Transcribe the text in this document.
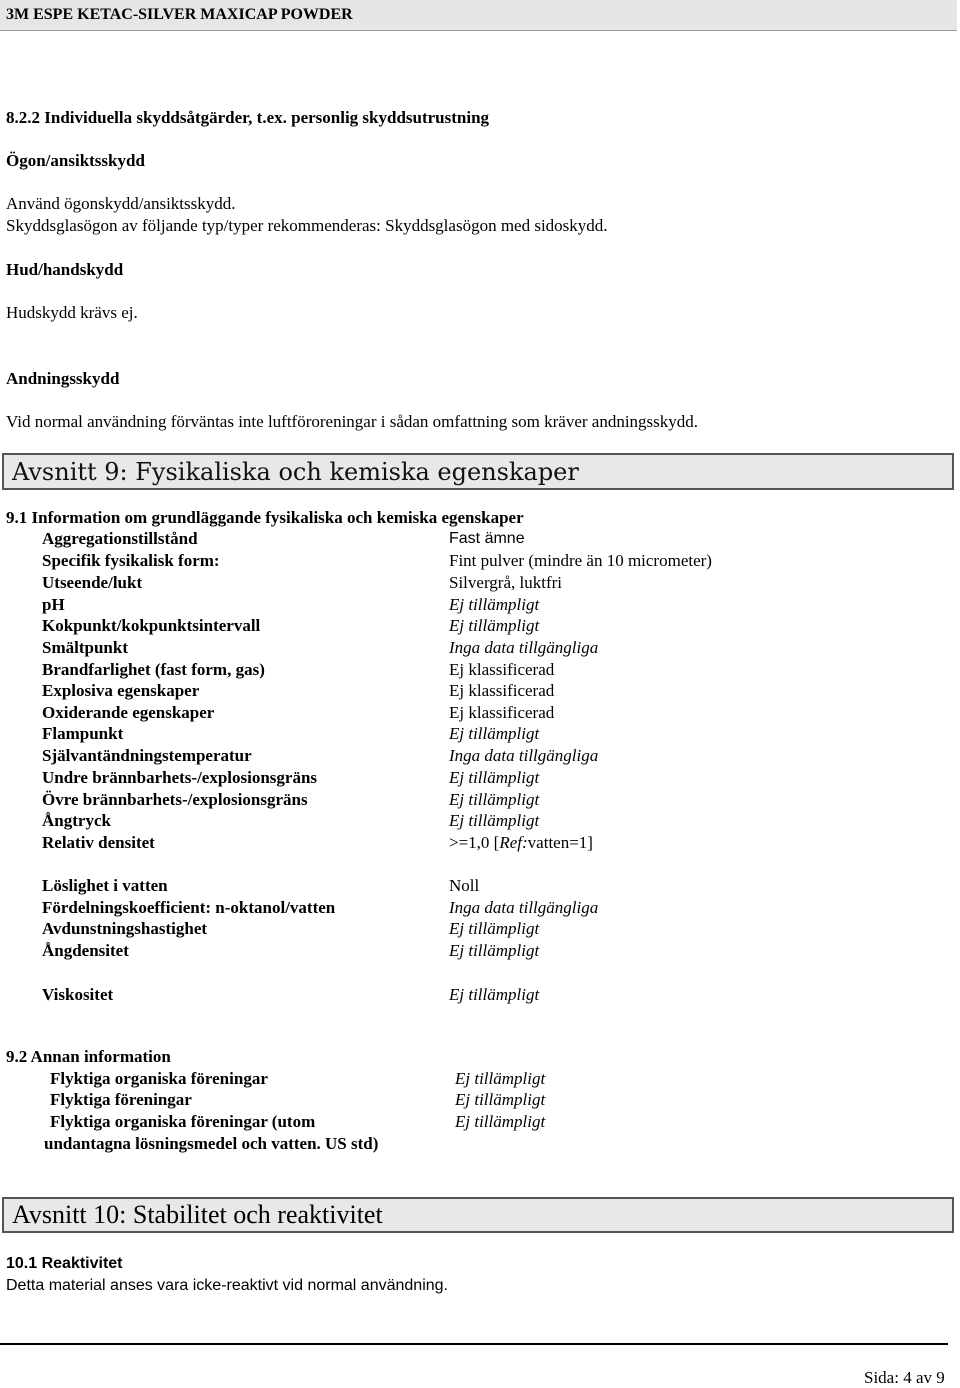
3M ESPE KETAC-SILVER MAXICAP POWDER
8.2.2 Individuella skyddsåtgärder, t.ex. personlig skyddsutrustning
Ögon/ansiktsskydd
Använd ögonskydd/ansiktsskydd.
Skyddsglasögon av följande typ/typer rekommenderas: Skyddsglasögon med sidoskydd.
Hud/handskydd
Hudskydd krävs ej.
Andningsskydd
Vid normal användning förväntas inte luftföroreningar i sådan omfattning som kräver andningsskydd.
Avsnitt 9: Fysikaliska och kemiska egenskaper
9.1 Information om grundläggande fysikaliska och kemiska egenskaper
Aggregationstillstånd	Fast ämne
Specifik fysikalisk form:	Fint pulver (mindre än 10 micrometer)
Utseende/lukt	Silvergrå, luktfri
pH	Ej tillämpligt
Kokpunkt/kokpunktsintervall	Ej tillämpligt
Smältpunkt	Inga data tillgängliga
Brandfarlighet (fast form, gas)	Ej klassificerad
Explosiva egenskaper	Ej klassificerad
Oxiderande egenskaper	Ej klassificerad
Flampunkt	Ej tillämpligt
Självantändningstemperatur	Inga data tillgängliga
Undre brännbarhets-/explosionsgräns	Ej tillämpligt
Övre brännbarhets-/explosionsgräns	Ej tillämpligt
Ångtryck	Ej tillämpligt
Relativ densitet	>=1,0 [Ref:vatten=1]
Löslighet i vatten	Noll
Fördelningskoefficient: n-oktanol/vatten	Inga data tillgängliga
Avdunstningshastighet	Ej tillämpligt
Ångdensitet	Ej tillämpligt
Viskositet	Ej tillämpligt
9.2 Annan information
Flyktiga organiska föreningar	Ej tillämpligt
Flyktiga föreningar	Ej tillämpligt
Flyktiga organiska föreningar (utom	Ej tillämpligt
undantagna lösningsmedel och vatten. US std)
Avsnitt 10: Stabilitet och reaktivitet
10.1 Reaktivitet
Detta material anses vara icke-reaktivt vid normal användning.
Sida: 4 av 9
